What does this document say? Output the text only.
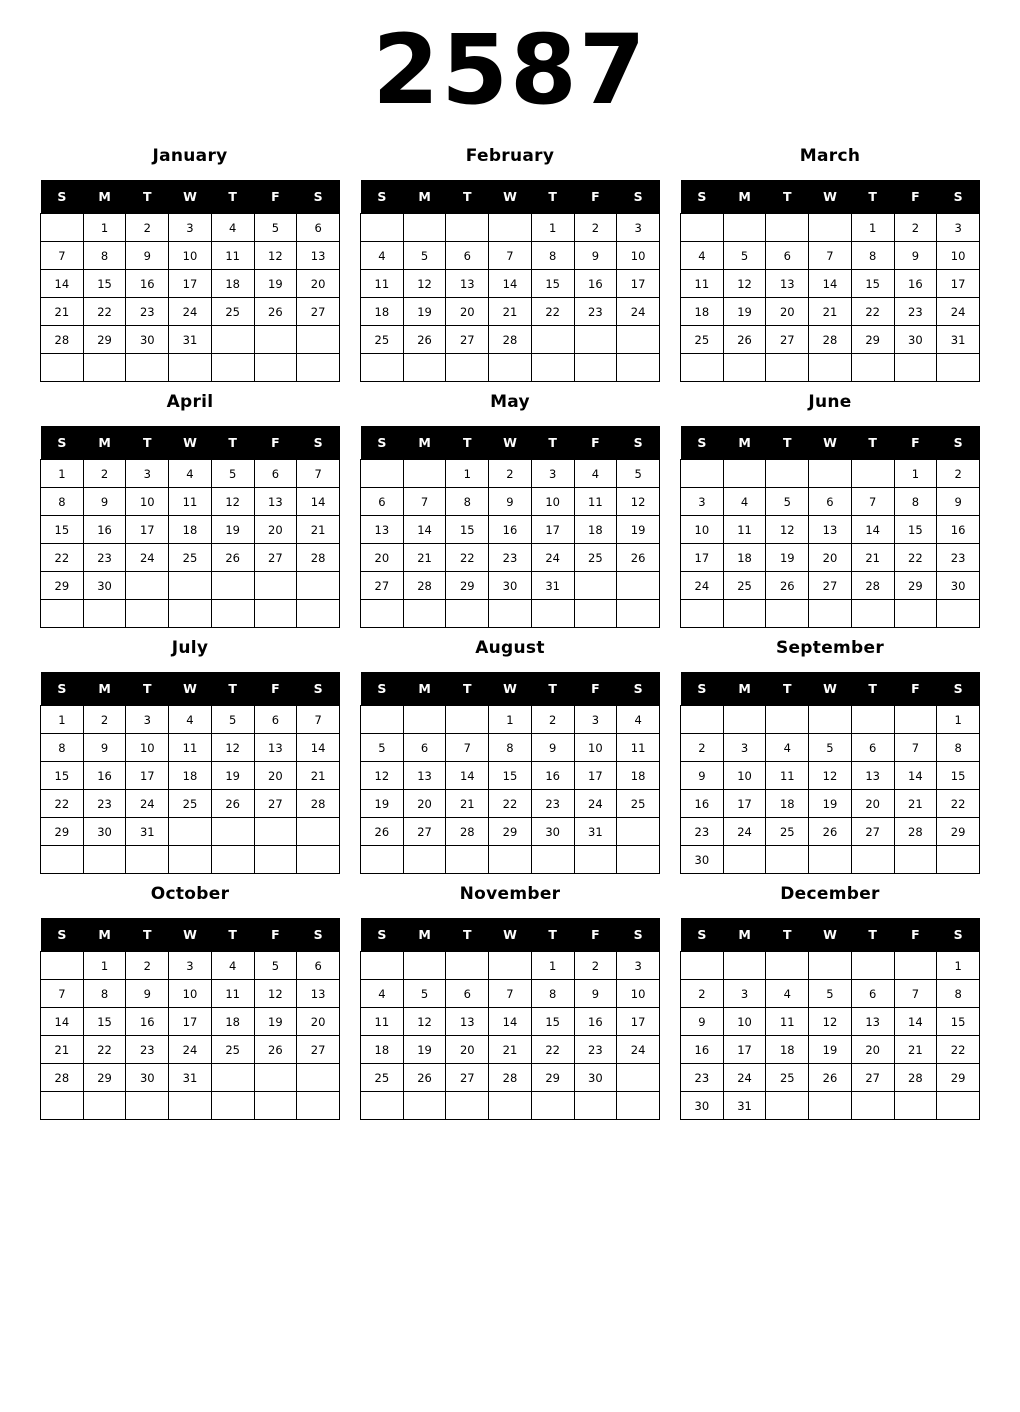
2587
January
S	M	T	W	T	F	S
	1	2	3	4	5	6
7	8	9	10	11	12	13
14	15	16	17	18	19	20
21	22	23	24	25	26	27
28	29	30	31			

February
S	M	T	W	T	F	S
				1	2	3
4	5	6	7	8	9	10
11	12	13	14	15	16	17
18	19	20	21	22	23	24
25	26	27	28			

March
S	M	T	W	T	F	S
				1	2	3
4	5	6	7	8	9	10
11	12	13	14	15	16	17
18	19	20	21	22	23	24
25	26	27	28	29	30	31

April
S	M	T	W	T	F	S
1	2	3	4	5	6	7
8	9	10	11	12	13	14
15	16	17	18	19	20	21
22	23	24	25	26	27	28
29	30					

May
S	M	T	W	T	F	S
		1	2	3	4	5
6	7	8	9	10	11	12
13	14	15	16	17	18	19
20	21	22	23	24	25	26
27	28	29	30	31		

June
S	M	T	W	T	F	S
					1	2
3	4	5	6	7	8	9
10	11	12	13	14	15	16
17	18	19	20	21	22	23
24	25	26	27	28	29	30

July
S	M	T	W	T	F	S
1	2	3	4	5	6	7
8	9	10	11	12	13	14
15	16	17	18	19	20	21
22	23	24	25	26	27	28
29	30	31				

August
S	M	T	W	T	F	S
			1	2	3	4
5	6	7	8	9	10	11
12	13	14	15	16	17	18
19	20	21	22	23	24	25
26	27	28	29	30	31	

September
S	M	T	W	T	F	S
						1
2	3	4	5	6	7	8
9	10	11	12	13	14	15
16	17	18	19	20	21	22
23	24	25	26	27	28	29
30						
October
S	M	T	W	T	F	S
	1	2	3	4	5	6
7	8	9	10	11	12	13
14	15	16	17	18	19	20
21	22	23	24	25	26	27
28	29	30	31			

November
S	M	T	W	T	F	S
				1	2	3
4	5	6	7	8	9	10
11	12	13	14	15	16	17
18	19	20	21	22	23	24
25	26	27	28	29	30	

December
S	M	T	W	T	F	S
						1
2	3	4	5	6	7	8
9	10	11	12	13	14	15
16	17	18	19	20	21	22
23	24	25	26	27	28	29
30	31					
